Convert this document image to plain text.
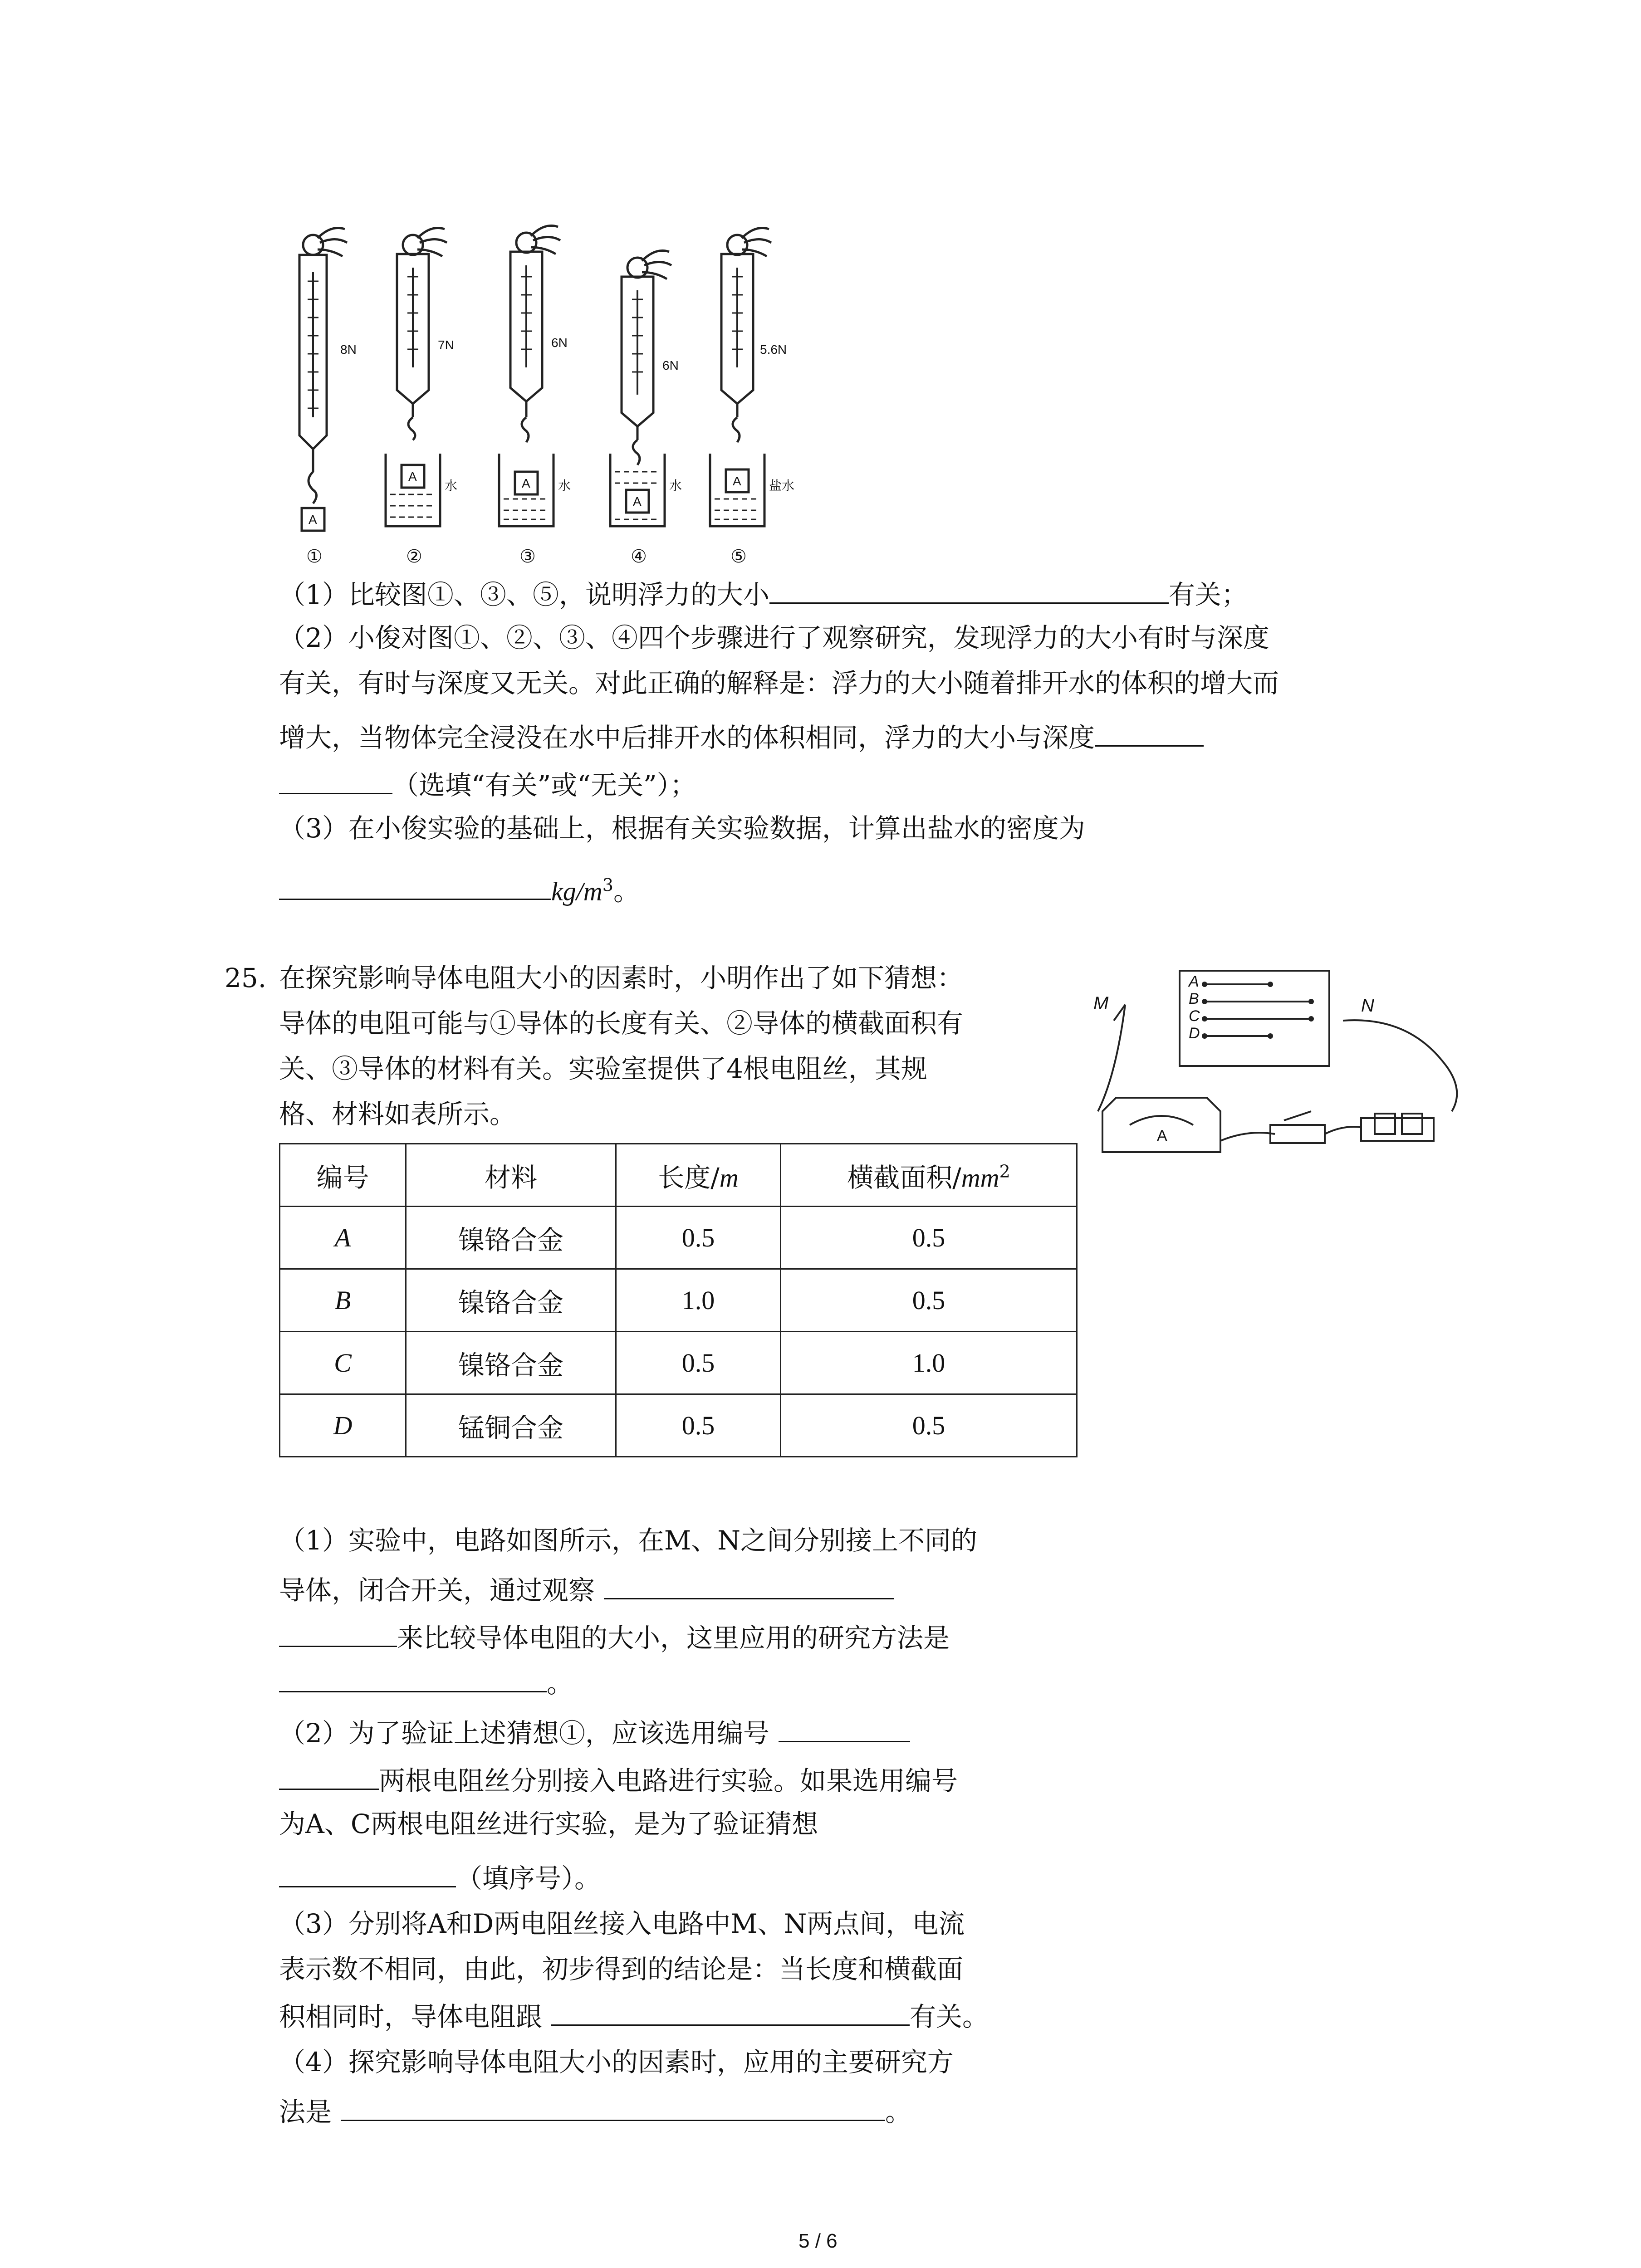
8N	7N	6N
6N
5.6N
A
A	A
A
A
水	水	水	盐水
①	②	③	④	⑤
（1）比较图①、③、⑤，说明浮力的大小	有关；
（2）小俊对图①、②、③、④四个步骤进行了观察研究，发现浮力的大小有时与深度
有关，有时与深度又无关。对此正确的解释是：浮力的大小随着排开水的体积的增大而
增大，当物体完全浸没在水中后排开水的体积相同，浮力的大小与深度
（选填“有关”或“无关”）；
（3）在小俊实验的基础上，根据有关实验数据，计算出盐水的密度为
$kg/m^3$。
25. 在探究影响导体电阻大小的因素时，小明作出了如下猜想：
导体的电阻可能与①导体的长度有关、②导体的横截面积有
关、③导体的材料有关。实验室提供了4根电阻丝，其规
格、材料如表所示。
A
B
C
D
M	N
A
编号	材料	长度/m	横截面积$/mm^2$
A	镍铬合金	0.5	0.5
B	镍铬合金	1.0	0.5
C	镍铬合金	0.5	1.0
D	锰铜合金	0.5	0.5
（1）实验中，电路如图所示，在M、N之间分别接上不同的
导体，闭合开关，通过观察
来比较导体电阻的大小，这里应用的研究方法是
。
（2）为了验证上述猜想①，应该选用编号
两根电阻丝分别接入电路进行实验。如果选用编号
为A、C两根电阻丝进行实验，是为了验证猜想
（填序号）。
（3）分别将A和D两电阻丝接入电路中M、N两点间，电流
表示数不相同，由此，初步得到的结论是：当长度和横截面
积相同时，导体电阻跟	有关。
（4）探究影响导体电阻大小的因素时，应用的主要研究方
法是	。
5 / 6
